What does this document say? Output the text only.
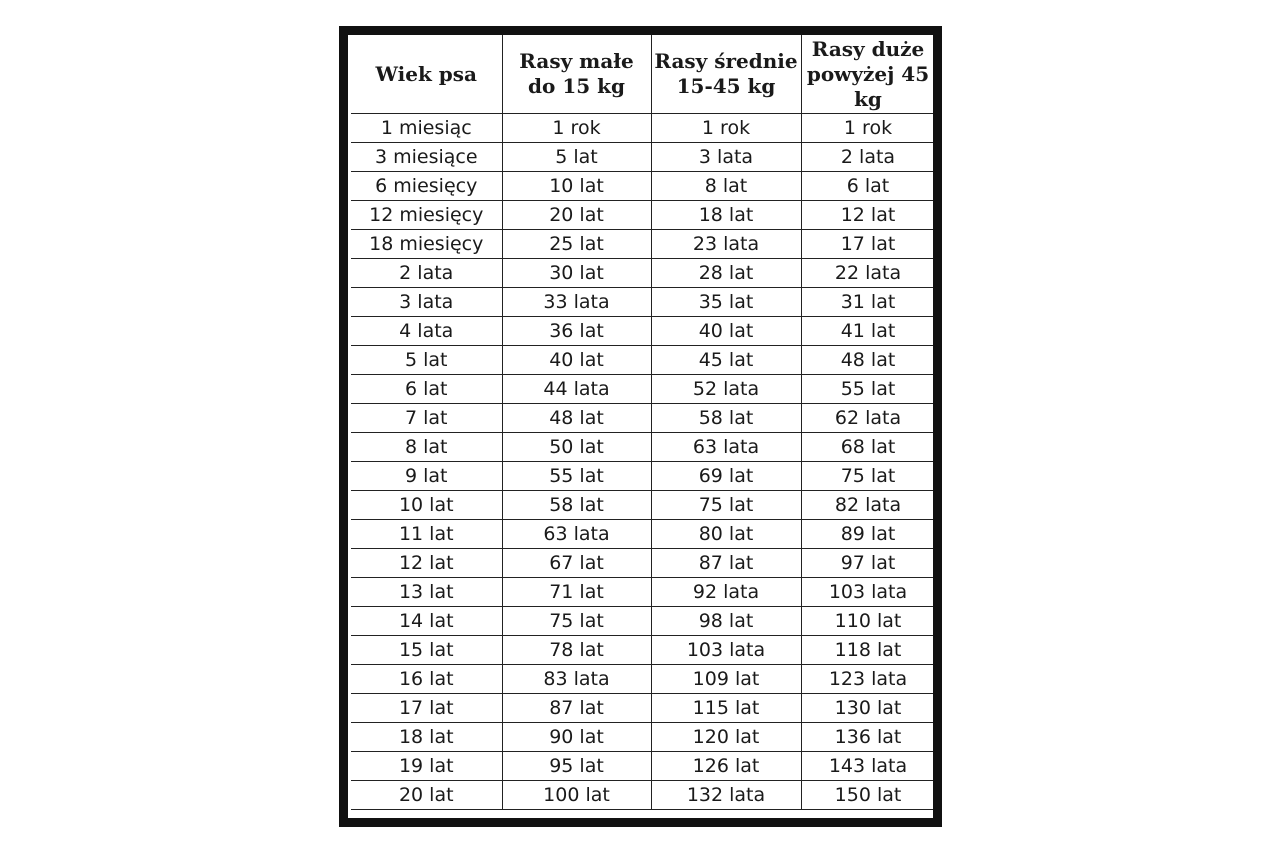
Wiek psa	Rasy małe do 15 kg	Rasy średnie 15-45 kg	Rasy duże powyżej 45 kg
1 miesiąc	1 rok	1 rok	1 rok
3 miesiące	5 lat	3 lata	2 lata
6 miesięcy	10 lat	8 lat	6 lat
12 miesięcy	20 lat	18 lat	12 lat
18 miesięcy	25 lat	23 lata	17 lat
2 lata	30 lat	28 lat	22 lata
3 lata	33 lata	35 lat	31 lat
4 lata	36 lat	40 lat	41 lat
5 lat	40 lat	45 lat	48 lat
6 lat	44 lata	52 lata	55 lat
7 lat	48 lat	58 lat	62 lata
8 lat	50 lat	63 lata	68 lat
9 lat	55 lat	69 lat	75 lat
10 lat	58 lat	75 lat	82 lata
11 lat	63 lata	80 lat	89 lat
12 lat	67 lat	87 lat	97 lat
13 lat	71 lat	92 lata	103 lata
14 lat	75 lat	98 lat	110 lat
15 lat	78 lat	103 lata	118 lat
16 lat	83 lata	109 lat	123 lata
17 lat	87 lat	115 lat	130 lat
18 lat	90 lat	120 lat	136 lat
19 lat	95 lat	126 lat	143 lata
20 lat	100 lat	132 lata	150 lat
